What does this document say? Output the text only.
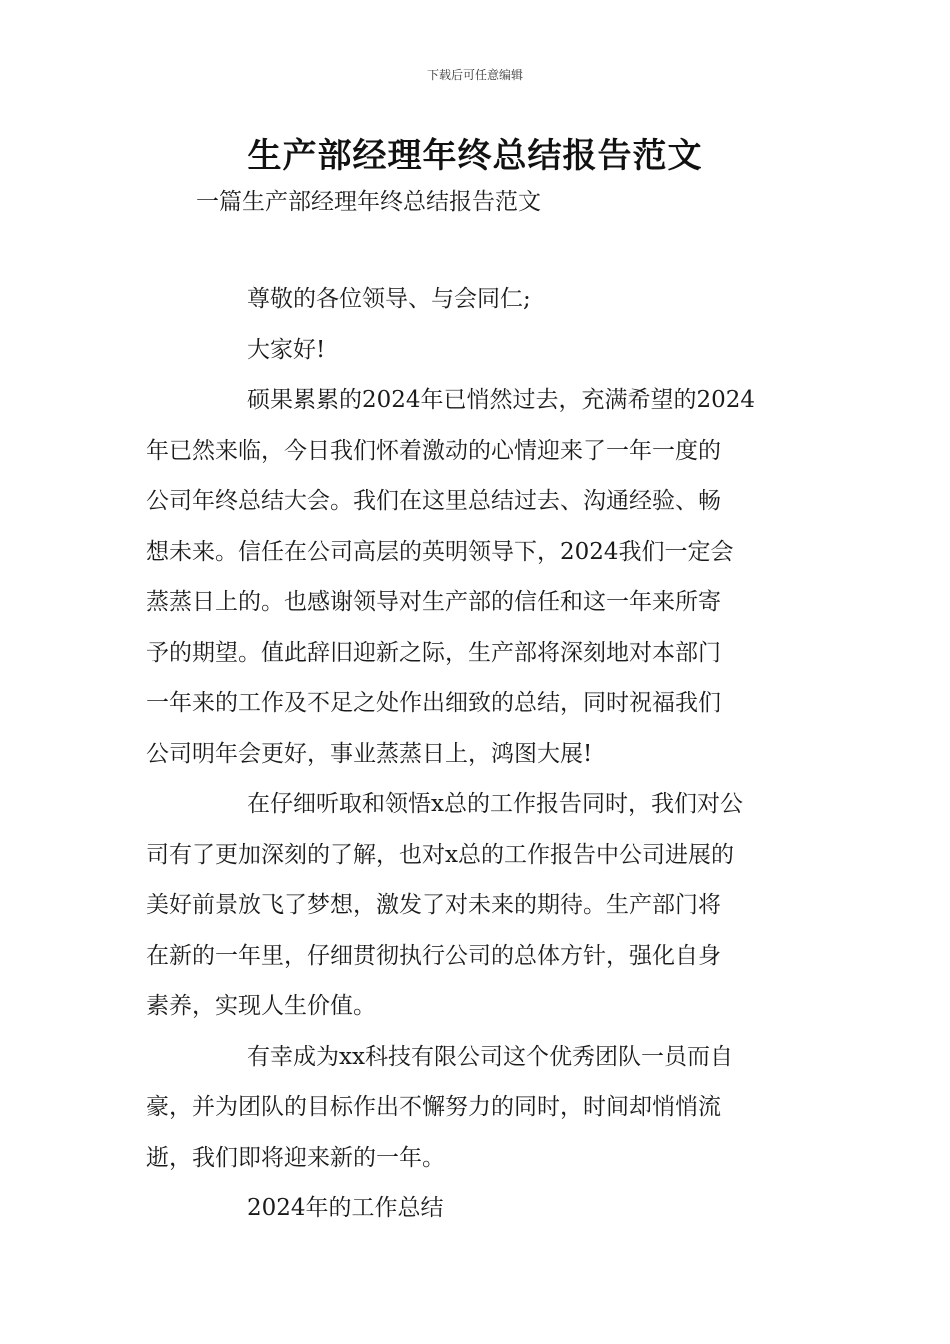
下载后可任意编辑
生产部经理年终总结报告范文
一篇生产部经理年终总结报告范文
尊敬的各位领导、与会同仁;
大家好!
硕果累累的2024年已悄然过去，充满希望的2024
年已然来临，今日我们怀着激动的心情迎来了一年一度的
公司年终总结大会。我们在这里总结过去、沟通经验、畅
想未来。信任在公司高层的英明领导下，2024我们一定会
蒸蒸日上的。也感谢领导对生产部的信任和这一年来所寄
予的期望。值此辞旧迎新之际，生产部将深刻地对本部门
一年来的工作及不足之处作出细致的总结，同时祝福我们
公司明年会更好，事业蒸蒸日上，鸿图大展!
在仔细听取和领悟x总的工作报告同时，我们对公
司有了更加深刻的了解，也对x总的工作报告中公司进展的
美好前景放飞了梦想，激发了对未来的期待。生产部门将
在新的一年里，仔细贯彻执行公司的总体方针，强化自身
素养，实现人生价值。
有幸成为xx科技有限公司这个优秀团队一员而自
豪，并为团队的目标作出不懈努力的同时，时间却悄悄流
逝，我们即将迎来新的一年。
2024年的工作总结
